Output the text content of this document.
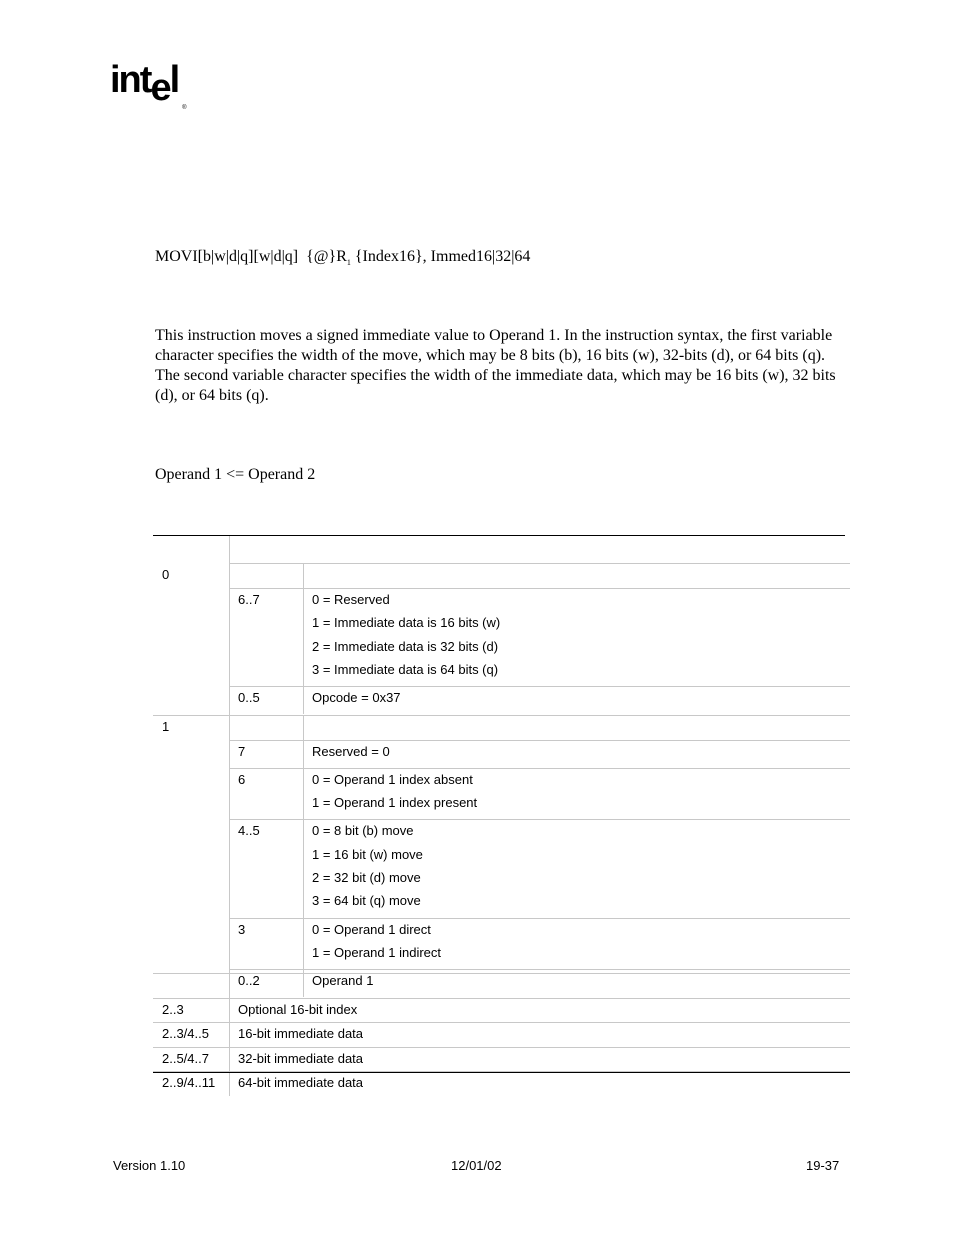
intel®
MOVI[b|w|d|q][w|d|q]  $\{@\}R_1$ {Index16}, Immed16|32|64
This instruction moves a signed immediate value to Operand 1. In the instruction syntax, the first variable character specifies the width of the move, which may be 8 bits (b), 16 bits (w), 32-bits (d), or 64 bits (q). The second variable character specifies the width of the immediate data, which may be 16 bits (w), 32 bits (d), or 64 bits (q).
Operand 1 <= Operand 2
0
6..7	0 = Reserved
1 = Immediate data is 16 bits (w)
2 = Immediate data is 32 bits (d)
3 = Immediate data is 64 bits (q)
0..5	Opcode = 0x37
1
7	Reserved = 0
6	0 = Operand 1 index absent
1 = Operand 1 index present
4..5	0 = 8 bit (b) move
1 = 16 bit (w) move
2 = 32 bit (d) move
3 = 64 bit (q) move
3	0 = Operand 1 direct
1 = Operand 1 indirect
0..2	Operand 1
2..3	Optional 16-bit index
2..3/4..5 16-bit immediate data
2..5/4..7 32-bit immediate data
2..9/4..11 64-bit immediate data
Version 1.10	12/01/02	19-37
